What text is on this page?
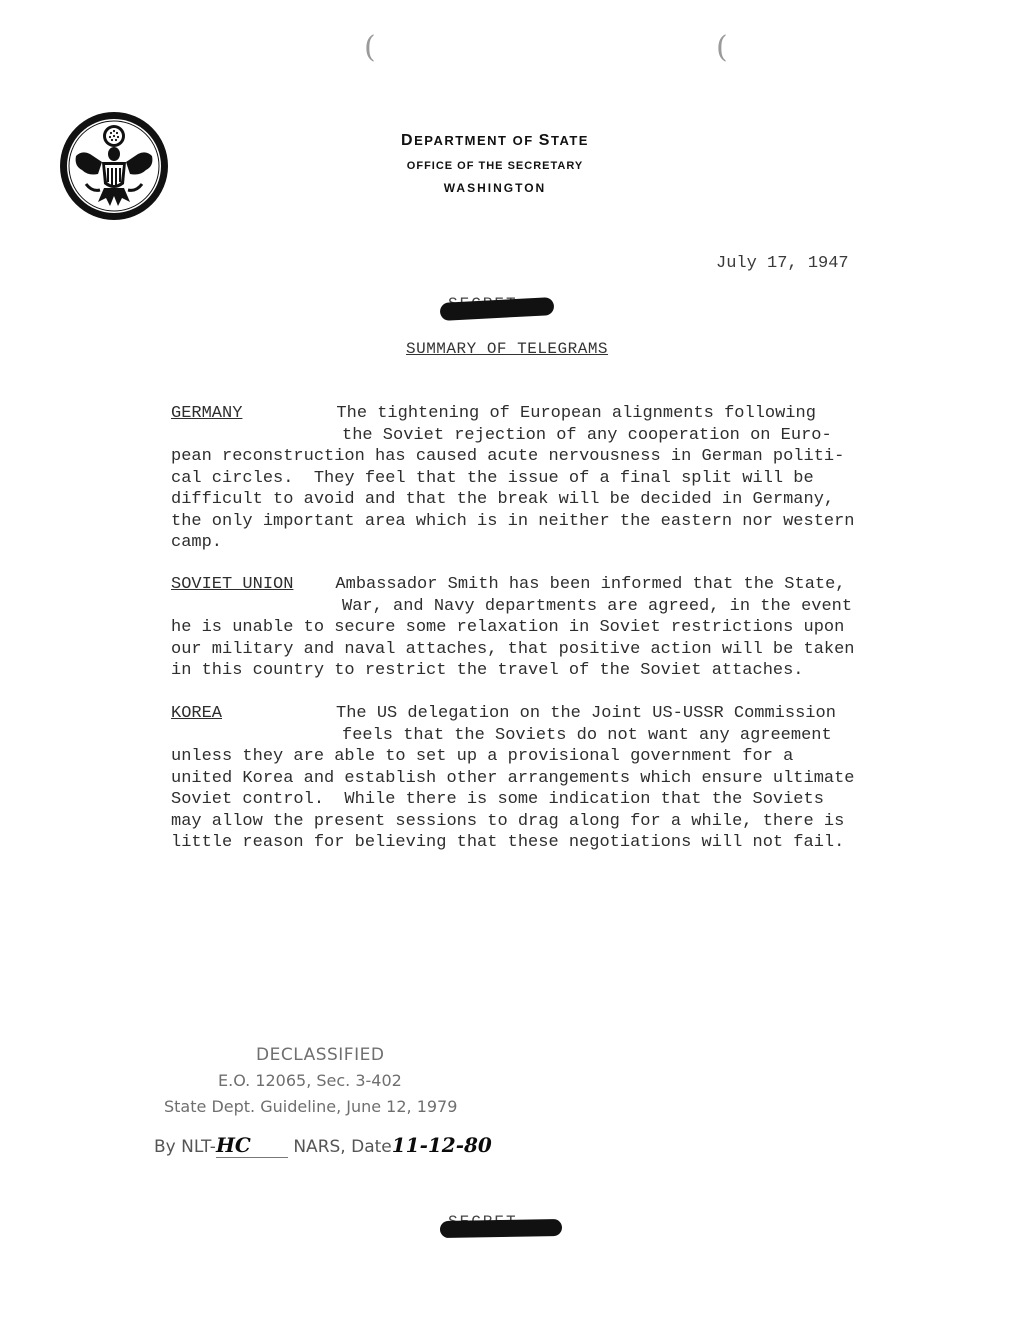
(	(
DEPARTMENT OF STATE
OFFICE OF THE SECRETARY
WASHINGTON
July 17, 1947
SUMMARY OF TELEGRAMS
GERMANY	The tightening of European alignments following
the Soviet rejection of any cooperation on Euro-
pean reconstruction has caused acute nervousness in German politi-
cal circles.  They feel that the issue of a final split will be
difficult to avoid and that the break will be decided in Germany,
the only important area which is in neither the eastern nor western
camp.
SOVIET UNION Ambassador Smith has been informed that the State,
War, and Navy departments are agreed, in the event
he is unable to secure some relaxation in Soviet restrictions upon
our military and naval attaches, that positive action will be taken
in this country to restrict the travel of the Soviet attaches.
KOREA	The US delegation on the Joint US-USSR Commission
feels that the Soviets do not want any agreement
unless they are able to set up a provisional government for a
united Korea and establish other arrangements which ensure ultimate
Soviet control.  While there is some indication that the Soviets
may allow the present sessions to drag along for a while, there is
little reason for believing that these negotiations will not fail.
DECLASSIFIED
E.O. 12065, Sec. 3-402
State Dept. Guideline, June 12, 1979
By NLT-HC	NARS, Date11-12-80
